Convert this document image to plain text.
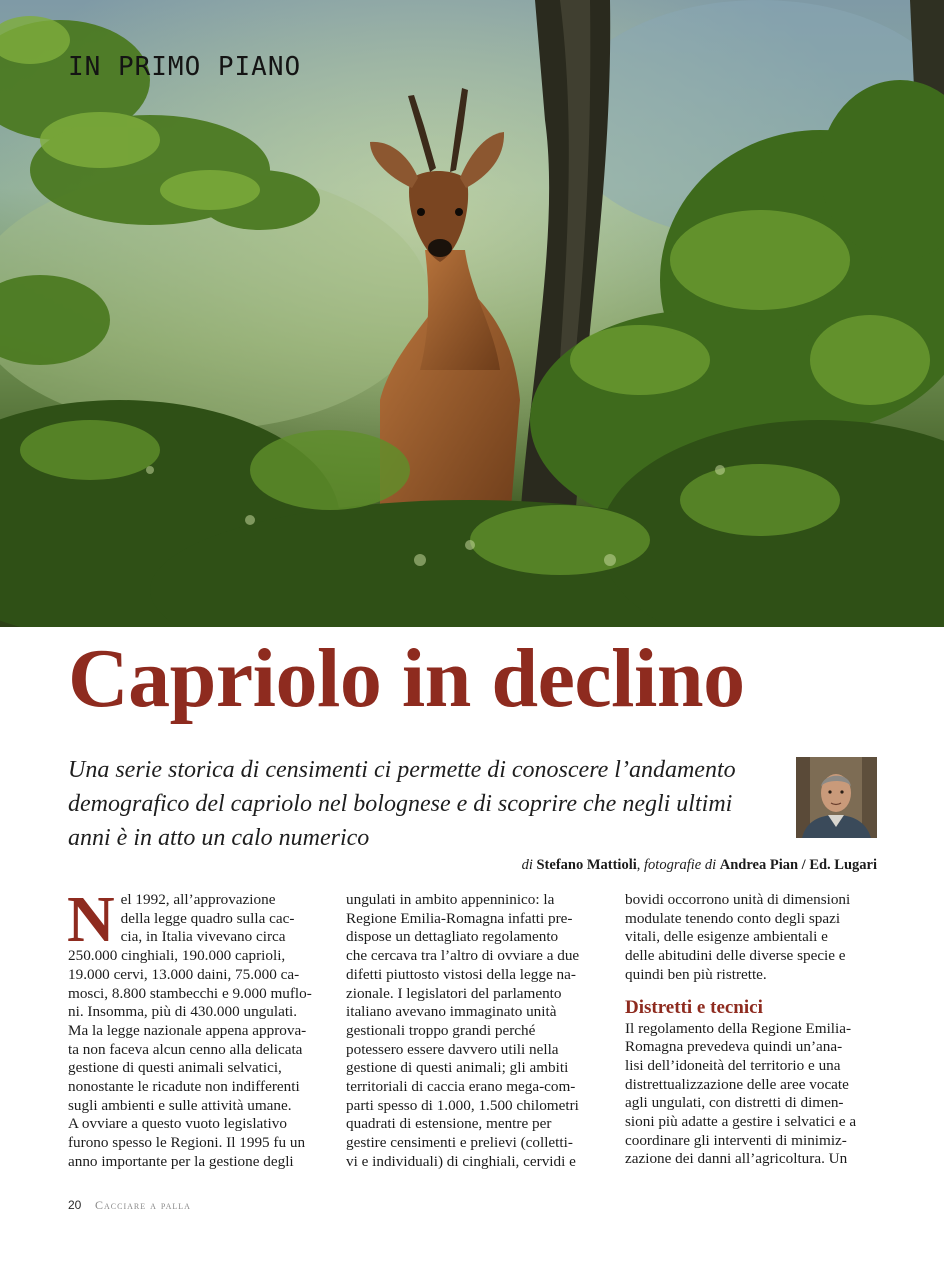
IN PRIMO PIANO
Capriolo in declino

Una serie storica di censimenti ci permette di conoscere l’andamento demografico del capriolo nel bolognese e di scoprire che negli ultimi anni è in atto un calo numerico

di Stefano Mattioli, fotografie di Andrea Pian / Ed. Lugari

N el 1992, all’approvazione
della legge quadro sulla cac-
cia, in Italia vivevano circa
250.000 cinghiali, 190.000 caprioli,
19.000 cervi, 13.000 daini, 75.000 ca-
mosci, 8.800 stambecchi e 9.000 muflo-
ni. Insomma, più di 430.000 ungulati.
Ma la legge nazionale appena approva-
ta non faceva alcun cenno alla delicata
gestione di questi animali selvatici,
nonostante le ricadute non indifferenti
sugli ambienti e sulle attività umane.
A ovviare a questo vuoto legislativo
furono spesso le Regioni. Il 1995 fu un
anno importante per la gestione degli
ungulati in ambito appenninico: la
Regione Emilia-Romagna infatti pre-
dispose un dettagliato regolamento
che cercava tra l’altro di ovviare a due
difetti piuttosto vistosi della legge na-
zionale. I legislatori del parlamento
italiano avevano immaginato unità
gestionali troppo grandi perché
potessero essere davvero utili nella
gestione di questi animali; gli ambiti
territoriali di caccia erano mega-com-
parti spesso di 1.000, 1.500 chilometri
quadrati di estensione, mentre per
gestire censimenti e prelievi (colletti-
vi e individuali) di cinghiali, cervidi e
bovidi occorrono unità di dimensioni
modulate tenendo conto degli spazi
vitali, delle esigenze ambientali e
delle abitudini delle diverse specie e
quindi ben più ristrette.
Distretti e tecnici
Il regolamento della Regione Emilia-
Romagna prevedeva quindi un’ana-
lisi dell’idoneità del territorio e una
distrettualizzazione delle aree vocate
agli ungulati, con distretti di dimen-
sioni più adatte a gestire i selvatici e a
coordinare gli interventi di minimiz-
zazione dei danni all’agricoltura. Un
20 Cacciare a palla
